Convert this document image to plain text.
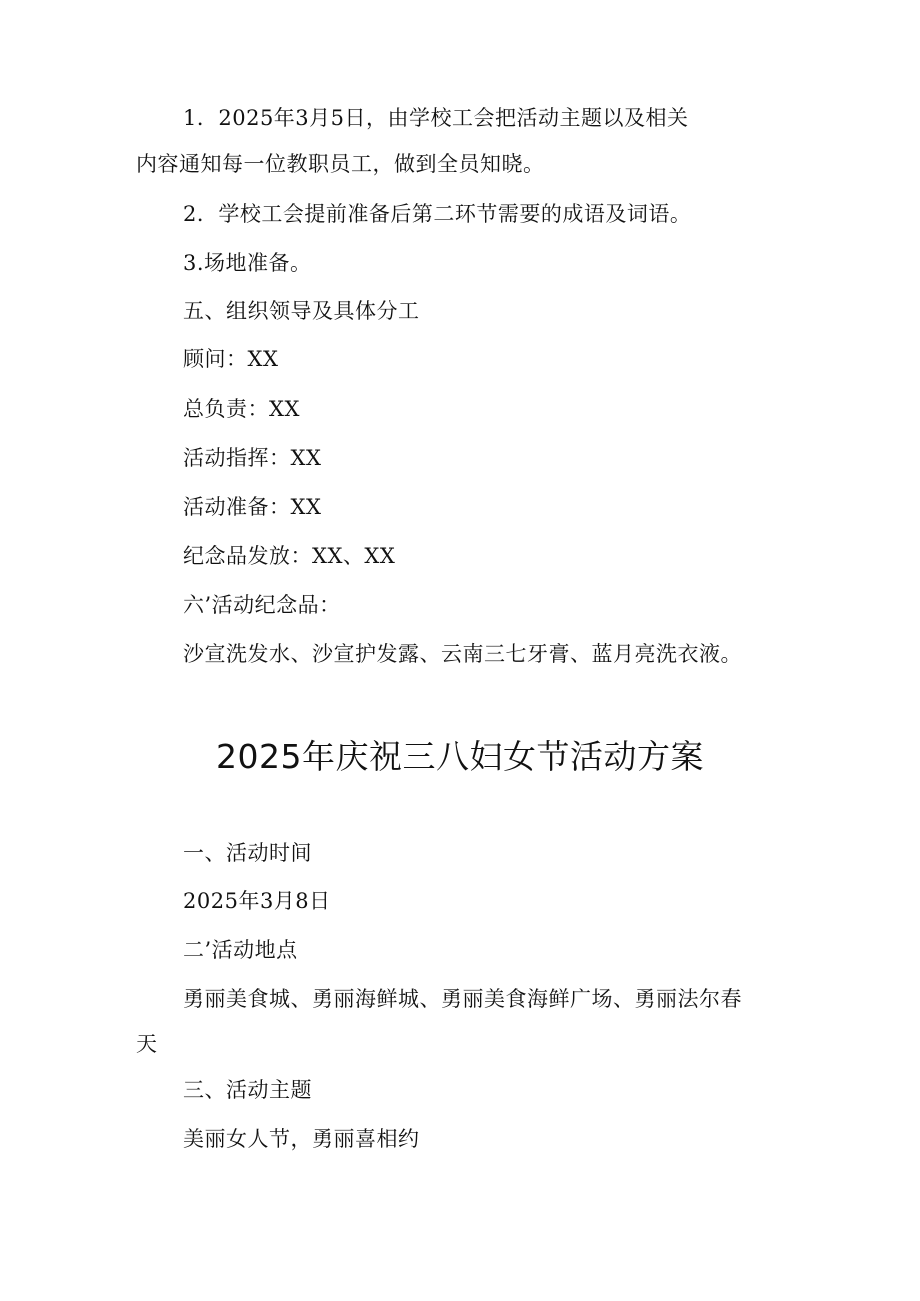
1．2025年3月5日，由学校工会把活动主题以及相关

内容通知每一位教职员工，做到全员知晓。

2．学校工会提前准备后第二环节需要的成语及词语。

3.场地准备。

五、组织领导及具体分工

顾问：XX

总负责：XX

活动指挥：XX

活动准备：XX

纪念品发放：XX、XX

六’活动纪念品：

沙宣洗发水、沙宣护发露、云南三七牙膏、蓝月亮洗衣液。

2025年庆祝三八妇女节活动方案

一、活动时间

2025年3月8日

二’活动地点

勇丽美食城、勇丽海鲜城、勇丽美食海鲜广场、勇丽法尔春

天

三、活动主题

美丽女人节，勇丽喜相约
